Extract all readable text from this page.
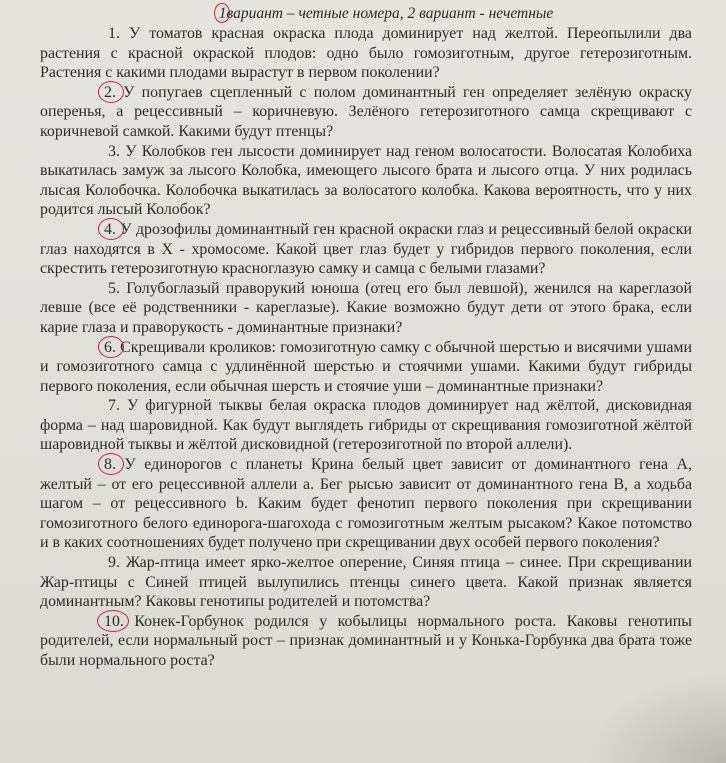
1вариант – четные номера, 2 вариант - нечетные

1. У томатов красная окраска плода доминирует над желтой. Переопылили два растения с красной окраской плодов: одно было гомозиготным, другое гетерозиготным. Растения с какими плодами вырастут в первом поколении?

2. У попугаев сцепленный с полом доминантный ген определяет зелёную окраску оперенья, а рецессивный – коричневую. Зелёного гетерозиготного самца скрещивают с коричневой самкой. Какими будут птенцы?

3. У Колобков ген лысости доминирует над геном волосатости. Волосатая Колобиха выкатилась замуж за лысого Колобка, имеющего лысого брата и лысого отца. У них родилась лысая Колобочка. Колобочка выкатилась за волосатого колобка. Какова вероятность, что у них родится лысый Колобок?

4. У дрозофилы доминантный ген красной окраски глаз и рецессивный белой окраски глаз находятся в X - хромосоме. Какой цвет глаз будет у гибридов первого поколения, если скрестить гетерозиготную красноглазую самку и самца с белыми глазами?

5. Голубоглазый праворукий юноша (отец его был левшой), женился на кареглазой левше (все её родственники - кареглазые). Какие возможно будут дети от этого брака, если карие глаза и праворукость - доминантные признаки?

6. Скрещивали кроликов: гомозиготную самку с обычной шерстью и висячими ушами и гомозиготного самца с удлинённой шерстью и стоячими ушами. Какими будут гибриды первого поколения, если обычная шерсть и стоячие уши – доминантные признаки?

7. У фигурной тыквы белая окраска плодов доминирует над жёлтой, дисковидная форма – над шаровидной. Как будут выглядеть гибриды от скрещивания гомозиготной жёлтой шаровидной тыквы и жёлтой дисковидной (гетерозиготной по второй аллели).

8. У единорогов с планеты Крина белый цвет зависит от доминантного гена А, желтый – от его рецессивной аллели а. Бег рысью зависит от доминантного гена В, а ходьба шагом – от рецессивного b. Каким будет фенотип первого поколения при скрещивании гомозиготного белого единорога-шагохода с гомозиготным желтым рысаком? Какое потомство и в каких соотношениях будет получено при скрещивании двух особей первого поколения?

9. Жар-птица имеет ярко-желтое оперение, Синяя птица – синее. При скрещивании Жар-птицы с Синей птицей вылупились птенцы синего цвета. Какой признак является доминантным? Каковы генотипы родителей и потомства?

10. Конек-Горбунок родился у кобылицы нормального роста. Каковы генотипы родителей, если нормальный рост – признак доминантный и у Конька-Горбунка два брата тоже были нормального роста?
